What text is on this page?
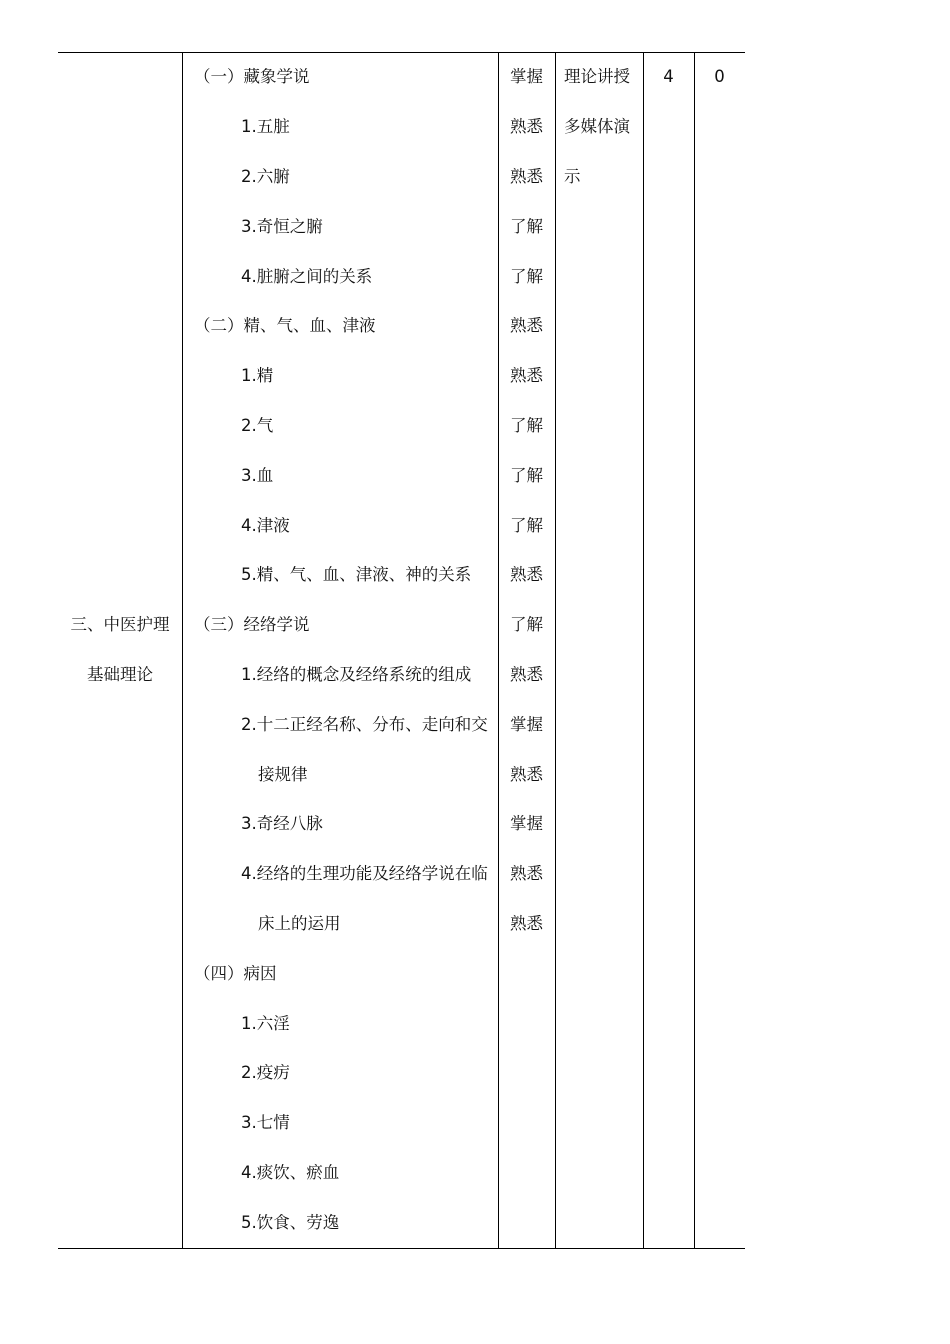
三、中医护理
基础理论
（一）藏象学说
1.五脏
2.六腑
3.奇恒之腑
4.脏腑之间的关系
（二）精、气、血、津液
1.精
2.气
3.血
4.津液
5.精、气、血、津液、神的关系
（三）经络学说
1.经络的概念及经络系统的组成
2.十二正经名称、分布、走向和交
接规律
3.奇经八脉
4.经络的生理功能及经络学说在临
床上的运用
（四）病因
1.六淫
2.疫疠
3.七情
4.痰饮、瘀血
5.饮食、劳逸
掌握
熟悉
熟悉
了解
了解
熟悉
熟悉
了解
了解
了解
熟悉
了解
熟悉
掌握
熟悉
掌握
熟悉
熟悉
理论讲授
多媒体演
示
4	0
